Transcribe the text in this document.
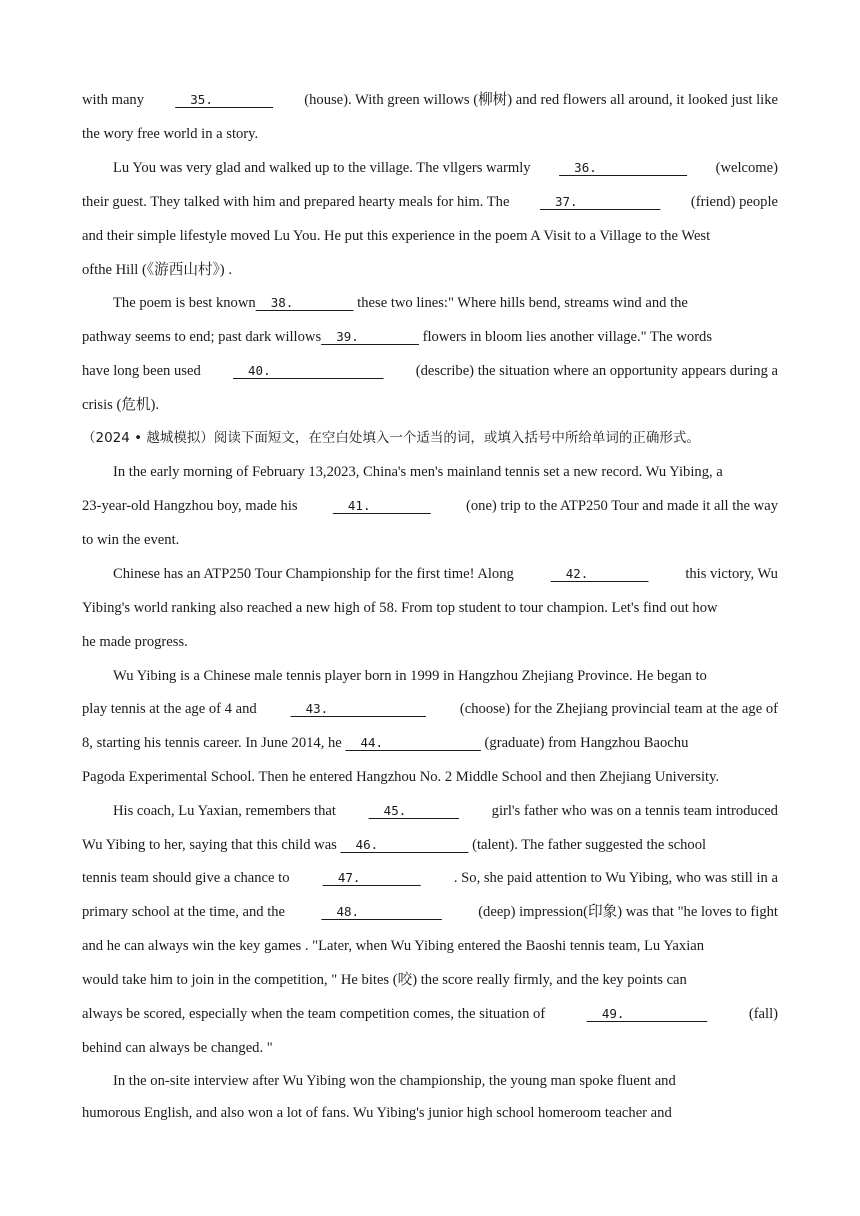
with many 35. (house). With green willows (柳树) and red flowers all around, it looked just like
the wory free world in a story.
Lu You was very glad and walked up to the village. The vllgers warmly 36. (welcome)
their guest. They talked with him and prepared hearty meals for him. The 37. (friend) people
and their simple lifestyle moved Lu You. He put this experience in the poem A Visit to a Village to the West
ofthe Hill (《游西山村》) .
The poem is best known  38.         these two lines:" Where hills bend, streams wind and the
pathway seems to end; past dark willows  39.         flowers in bloom lies another village." The words
have long been used	40. (describe) the situation where an opportunity appears during a
crisis (危机).
（2024 • 越城模拟）阅读下面短文，在空白处填入一个适当的词，或填入括号中所给单词的正确形式。
In the early morning of February 13,2023, China's men's mainland tennis set a new record. Wu Yibing, a
23-year-old Hangzhou boy, made his	41. (one) trip to the ATP250 Tour and made it all the way
to win the event.
Chinese has an ATP250 Tour Championship for the first time! Along	42.	this victory, Wu
Yibing's world ranking also reached a new high of 58. From top student to tour champion. Let's find out how
he made progress.
Wu Yibing is a Chinese male tennis player born in 1999 in Hangzhou Zhejiang Province. He began to
play tennis at the age of 4 and	43. (choose) for the Zhejiang provincial team at the age of
8, starting his tennis career. In June 2014, he   44.              (graduate) from Hangzhou Baochu
Pagoda Experimental School. Then he entered Hangzhou No. 2 Middle School and then Zhejiang University.
His coach, Lu Yaxian, remembers that	45. girl's father who was on a tennis team introduced
Wu Yibing to her, saying that this child was   46.             (talent). The father suggested the school
tennis team should give a chance to	47. . So, she paid attention to Wu Yibing, who was still in a
primary school at the time, and the	48. (deep) impression(印象) was that "he loves to fight
and he can always win the key games . "Later, when Wu Yibing entered the Baoshi tennis team, Lu Yaxian
would take him to join in the competition, " He bites (咬) the score really firmly, and the key points can
always be scored, especially when the team competition comes, the situation of	49.	(fall)
behind can always be changed. "
In the on-site interview after Wu Yibing won the championship, the young man spoke fluent and
humorous English, and also won a lot of fans. Wu Yibing's junior high school homeroom teacher and
